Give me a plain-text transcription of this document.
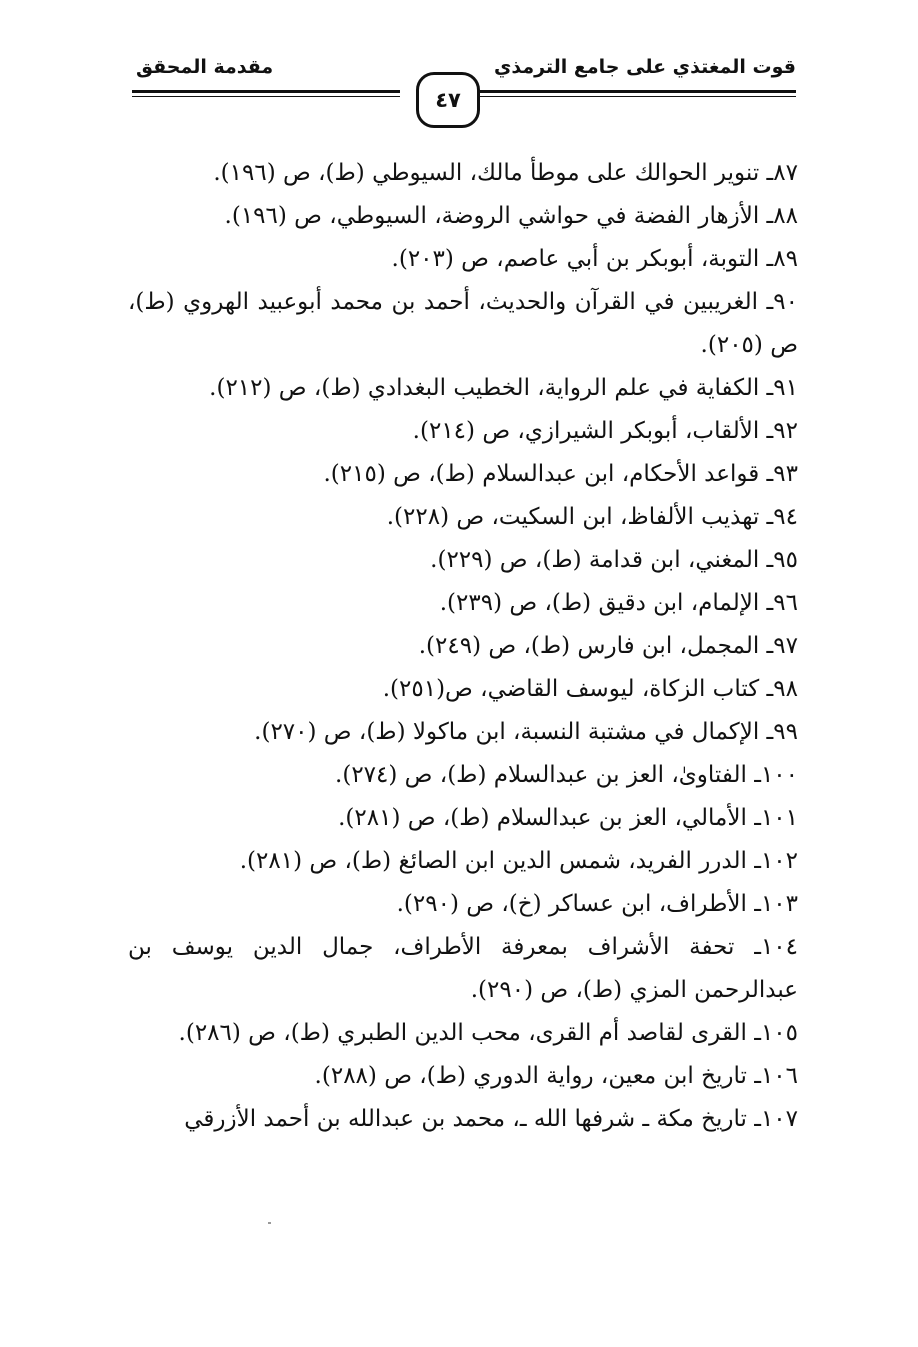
قوت المغتذي على جامع الترمذي
مقدمة المحقق
٤٧
٨٧ـ تنوير الحوالك على موطأ مالك، السيوطي (ط)، ص (١٩٦).
٨٨ـ الأزهار الفضة في حواشي الروضة، السيوطي، ص (١٩٦).
٨٩ـ التوبة، أبوبكر بن أبي عاصم، ص (٢٠٣).
٩٠ـ الغريبين في القرآن والحديث، أحمد بن محمد أبوعبيد الهروي (ط)، ص (٢٠٥).
٩١ـ الكفاية في علم الرواية، الخطيب البغدادي (ط)، ص (٢١٢).
٩٢ـ الألقاب، أبوبكر الشيرازي، ص (٢١٤).
٩٣ـ قواعد الأحكام، ابن عبدالسلام (ط)، ص (٢١٥).
٩٤ـ تهذيب الألفاظ، ابن السكيت، ص (٢٢٨).
٩٥ـ المغني، ابن قدامة (ط)، ص (٢٢٩).
٩٦ـ الإلمام، ابن دقيق (ط)، ص (٢٣٩).
٩٧ـ المجمل، ابن فارس (ط)، ص (٢٤٩).
٩٨ـ كتاب الزكاة، ليوسف القاضي، ص(٢٥١).
٩٩ـ الإكمال في مشتبة النسبة، ابن ماكولا (ط)، ص (٢٧٠).
١٠٠ـ الفتاوىٰ، العز بن عبدالسلام (ط)، ص (٢٧٤).
١٠١ـ الأمالي، العز بن عبدالسلام (ط)، ص (٢٨١).
١٠٢ـ الدرر الفريد، شمس الدين ابن الصائغ (ط)، ص (٢٨١).
١٠٣ـ الأطراف، ابن عساكر (خ)، ص (٢٩٠).
١٠٤ـ تحفة الأشراف بمعرفة الأطراف، جمال الدين يوسف بن عبدالرحمن المزي (ط)، ص (٢٩٠).
١٠٥ـ القرى لقاصد أم القرى، محب الدين الطبري (ط)، ص (٢٨٦).
١٠٦ـ تاريخ ابن معين، رواية الدوري (ط)، ص (٢٨٨).
١٠٧ـ تاريخ مكة ـ شرفها الله ـ، محمد بن عبدالله بن أحمد الأزرقي
